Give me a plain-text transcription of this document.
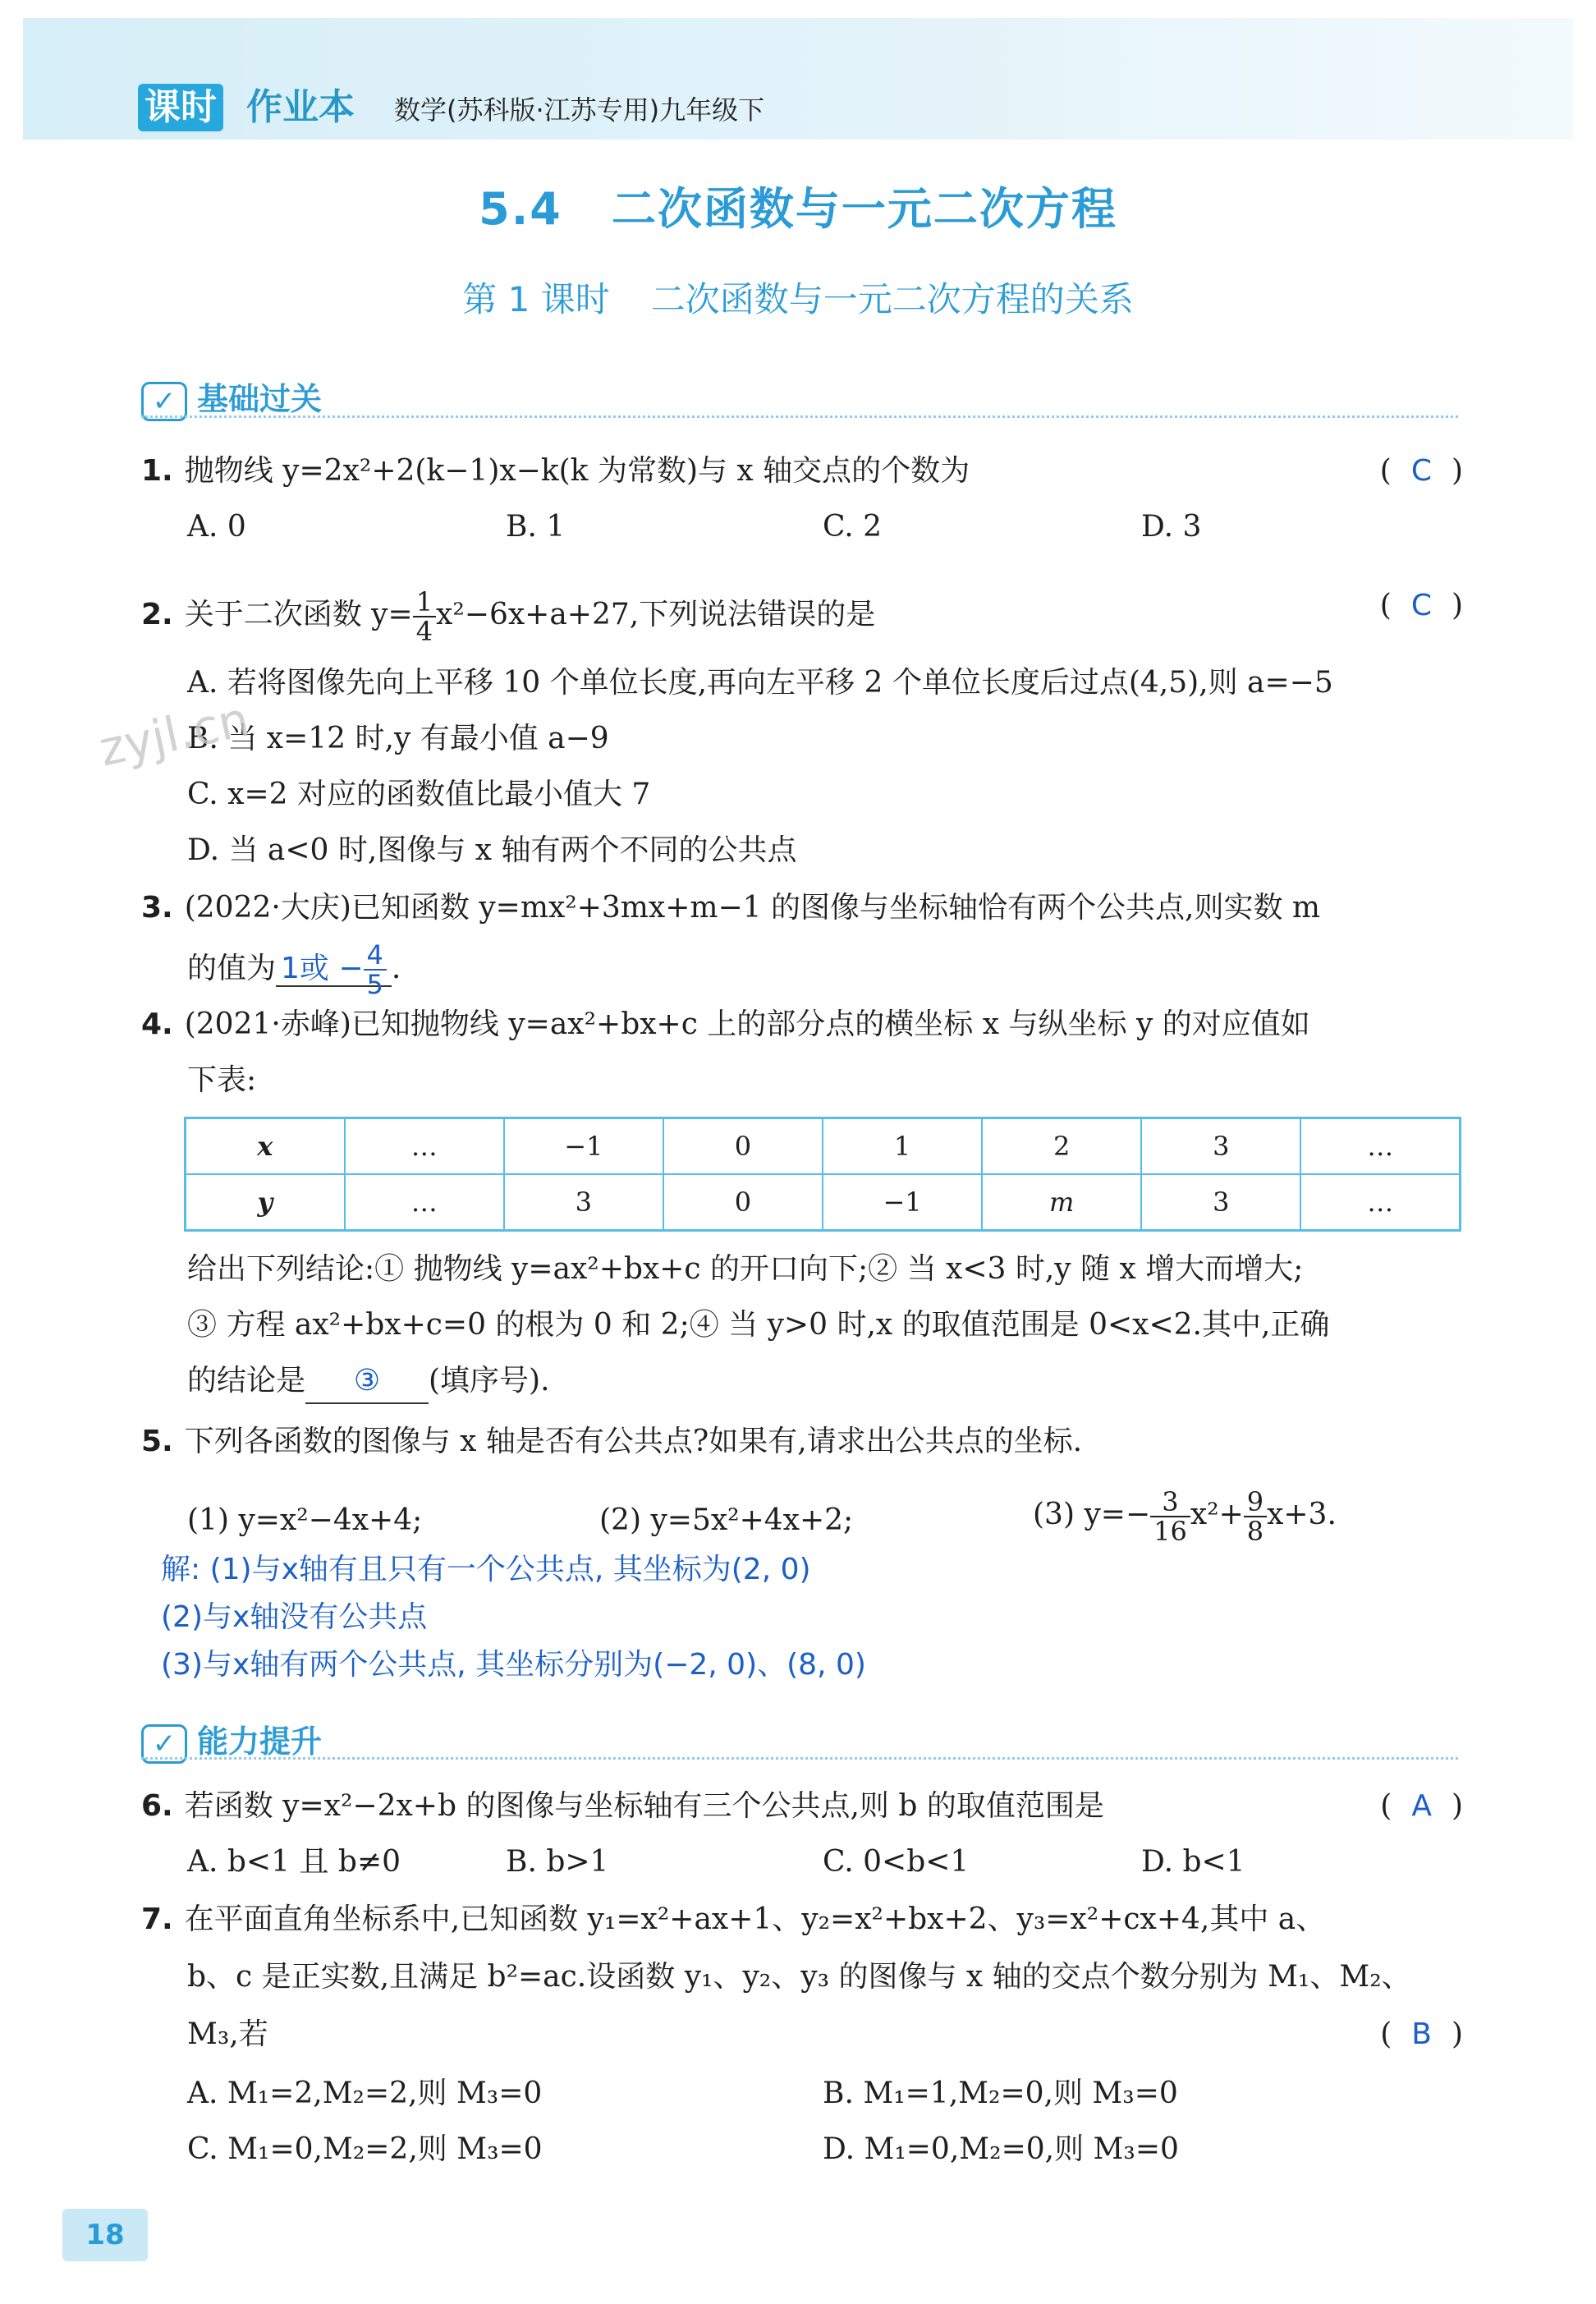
课时 作业本 数学(苏科版·江苏专用)九年级下
5.4 二次函数与一元二次方程
第 1 课时 二次函数与一元二次方程的关系
✓ 基础过关
1. 抛物线 y=2x²+2(k−1)x−k(k 为常数)与 x 轴交点的个数为	( C )
A. 0	B. 1	C. 2	D. 3
2. 关于二次函数 $y= \frac{1}{4} x^2-6x+a+27$,下列说法错误的是	( C )
A. 若将图像先向上平移 10 个单位长度,再向左平移 2 个单位长度后过点(4,5),则 a=−5
B. 当 x=12 时,y 有最小值 a−9
C. x=2 对应的函数值比最小值大 7
D. 当 a<0 时,图像与 x 轴有两个不同的公共点
zyjl.cn
3. (2022·大庆)已知函数 y=mx²+3mx+m−1 的图像与坐标轴恰有两个公共点,则实数 m
的值为 1或 − $\frac{4}{5}$ .
4. (2021·赤峰)已知抛物线 y=ax²+bx+c 上的部分点的横坐标 x 与纵坐标 y 的对应值如
下表:
x	…	−1	0	1	2	3	…
y	…	3	0	−1	m	3	…
给出下列结论:① 抛物线 y=ax²+bx+c 的开口向下;② 当 x<3 时,y 随 x 增大而增大;
③ 方程 ax²+bx+c=0 的根为 0 和 2;④ 当 y>0 时,x 的取值范围是 0<x<2.其中,正确
的结论是 ③ (填序号).
5. 下列各函数的图像与 x 轴是否有公共点?如果有,请求出公共点的坐标.
(1) y=x²−4x+4;	(2) y=5x²+4x+2;	(3) $y=- \frac{3}{16} x^2+ \frac{9}{8} x+3$.
解: (1)与x轴有且只有一个公共点, 其坐标为(2, 0)
(2)与x轴没有公共点
(3)与x轴有两个公共点, 其坐标分别为(−2, 0)、(8, 0)
✓ 能力提升
6. 若函数 y=x²−2x+b 的图像与坐标轴有三个公共点,则 b 的取值范围是	( A )
A. b<1 且 b≠0	B. b>1	C. 0<b<1	D. b<1
7. 在平面直角坐标系中,已知函数 y₁=x²+ax+1、y₂=x²+bx+2、y₃=x²+cx+4,其中 a、
b、c 是正实数,且满足 b²=ac.设函数 y₁、y₂、y₃ 的图像与 x 轴的交点个数分别为 M₁、M₂、
M₃,若	( B )
A. M₁=2,M₂=2,则 M₃=0	B. M₁=1,M₂=0,则 M₃=0
C. M₁=0,M₂=2,则 M₃=0	D. M₁=0,M₂=0,则 M₃=0
18
